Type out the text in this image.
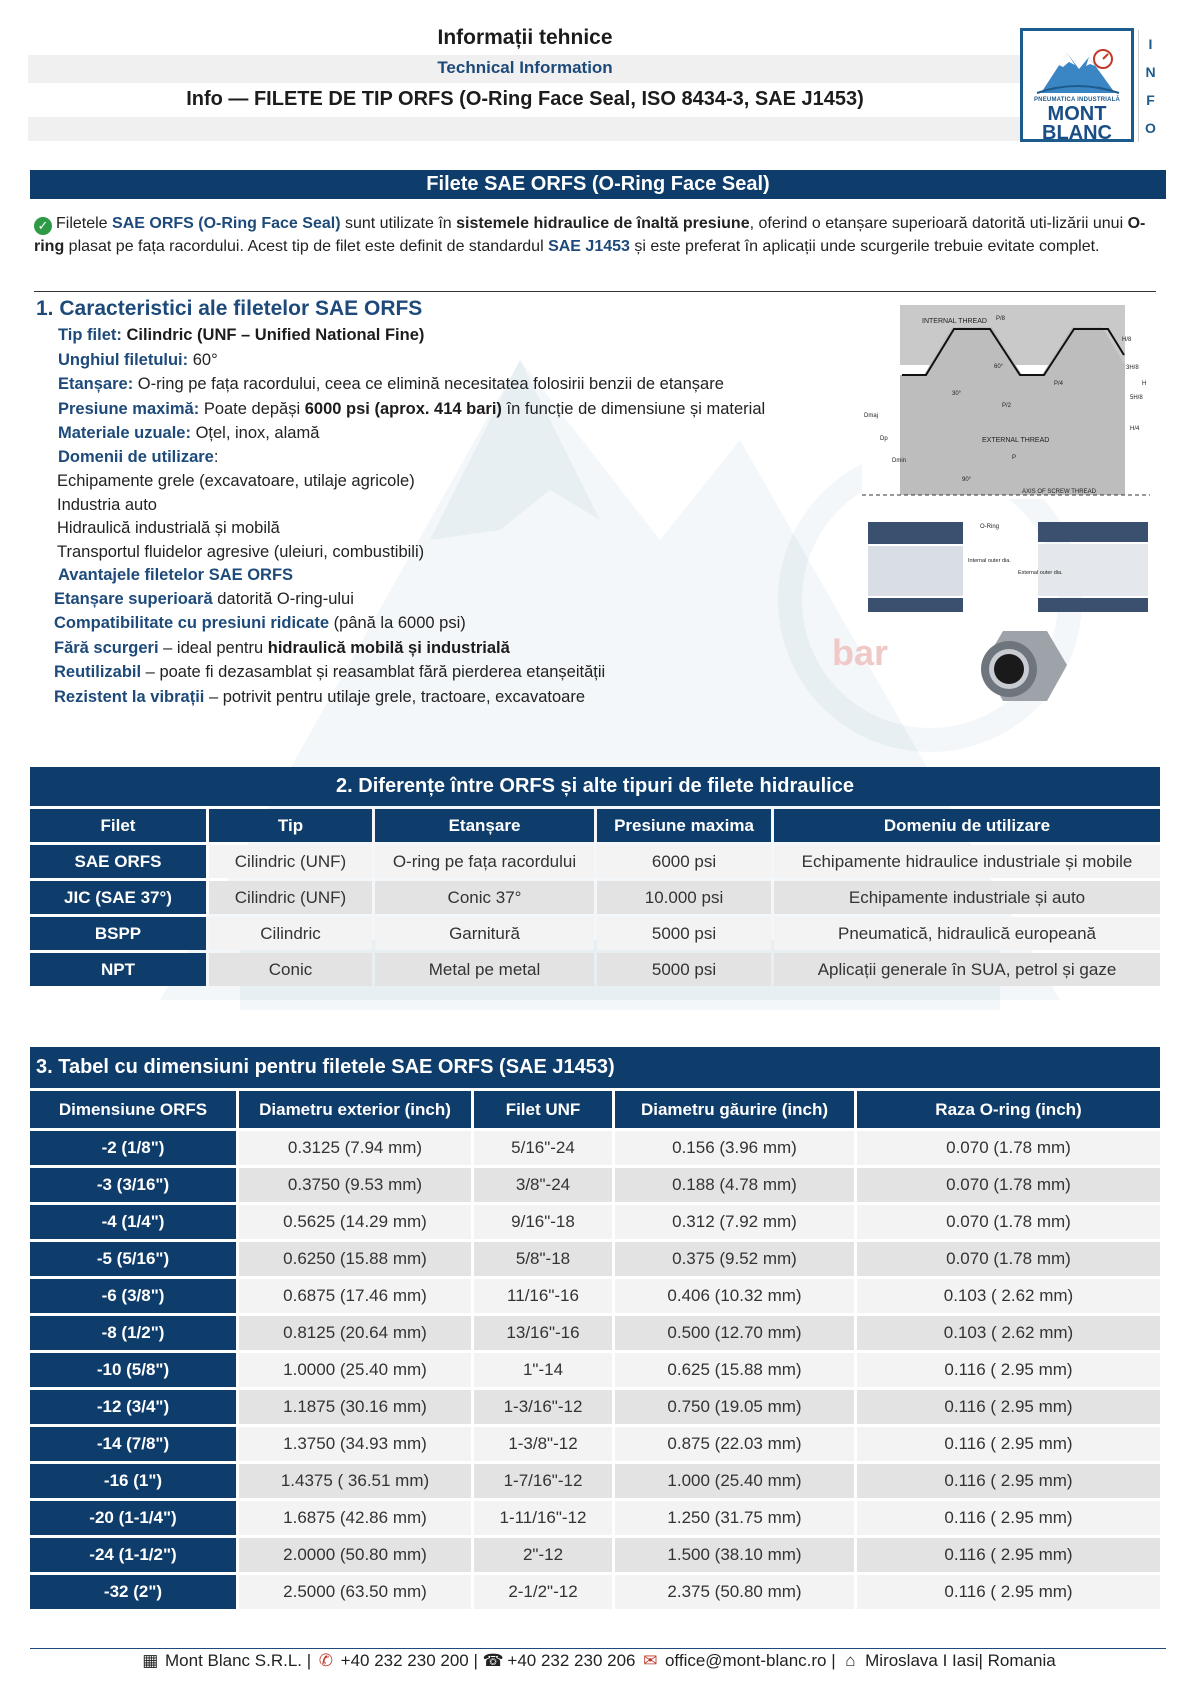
bar
Informații tehnice
Technical Information
Info — FILETE DE TIP ORFS (O-Ring Face Seal, ISO 8434-3, SAE J1453)	PNEUMATICA INDUSTRIALĂ
MONT
BLANC
I
N
F
O
Filete SAE ORFS (O-Ring Face Seal)
✓ Filetele SAE ORFS (O-Ring Face Seal) sunt utilizate în sistemele hidraulice de înaltă presiune, oferind o etanșare superioară datorită uti-lizării unui O-ring plasat pe fața racordului. Acest tip de filet este definit de standardul SAE J1453 și este preferat în aplicații unde scurgerile trebuie evitate complet.
1. Caracteristici ale filetelor SAE ORFS
Tip filet: Cilindric (UNF – Unified National Fine)
Unghiul filetului: 60°
Etanșare: O-ring pe fața racordului, ceea ce elimină necesitatea folosirii benzii de etanșare
Presiune maximă: Poate depăși 6000 psi (aprox. 414 bari) în funcție de dimensiune și material
Materiale uzuale: Oțel, inox, alamă
Domenii de utilizare:
Echipamente grele (excavatoare, utilaje agricole)
Industria auto
Hidraulică industrială și mobilă
Transportul fluidelor agresive (uleiuri, combustibili)
Avantajele filetelor SAE ORFS
Etanșare superioară datorită O-ring-ului
Compatibilitate cu presiuni ridicate (până la 6000 psi)
Fără scurgeri – ideal pentru hidraulică mobilă și industrială
Reutilizabil – poate fi dezasamblat și reasamblat fără pierderea etanșeității
Rezistent la vibrații – potrivit pentru utilaje grele, tractoare, excavatoare
INTERNAL THREAD
EXTERNAL THREAD
AXIS OF SCREW THREAD
P/8
60°
P/4
P/2
30°
P
90°
Dmaj
Dp
Dmin
H/8
3H/8
5H/8
H/4
H
O-Ring
Internal outer dia.
External outer dia.
2. Diferențe între ORFS și alte tipuri de filete hidraulice
Filet	Tip	Etanșare	Presiune maxima	Domeniu de utilizare
SAE ORFS	Cilindric (UNF)	O-ring pe fața racordului	6000 psi	Echipamente hidraulice industriale și mobile
JIC (SAE 37°)	Cilindric (UNF)	Conic 37°	10.000 psi	Echipamente industriale și auto
BSPP	Cilindric	Garnitură	5000 psi	Pneumatică, hidraulică europeană
NPT	Conic	Metal pe metal	5000 psi	Aplicații generale în SUA, petrol și gaze
3. Tabel cu dimensiuni pentru filetele SAE ORFS (SAE J1453)
Dimensiune ORFS	Diametru exterior (inch)	Filet UNF	Diametru găurire (inch)	Raza O-ring (inch)
-2 (1/8")	0.3125 (7.94 mm)	5/16"-24	0.156 (3.96 mm)	0.070 (1.78 mm)
-3 (3/16")	0.3750 (9.53 mm)	3/8"-24	0.188 (4.78 mm)	0.070 (1.78 mm)
-4 (1/4")	0.5625 (14.29 mm)	9/16"-18	0.312 (7.92 mm)	0.070 (1.78 mm)
-5 (5/16")	0.6250 (15.88 mm)	5/8"-18	0.375 (9.52 mm)	0.070 (1.78 mm)
-6 (3/8")	0.6875 (17.46 mm)	11/16"-16	0.406 (10.32 mm)	0.103 ( 2.62 mm)
-8 (1/2")	0.8125 (20.64 mm)	13/16"-16	0.500 (12.70 mm)	0.103 ( 2.62 mm)
-10 (5/8")	1.0000 (25.40 mm)	1"-14	0.625 (15.88 mm)	0.116 ( 2.95 mm)
-12 (3/4")	1.1875 (30.16 mm)	1-3/16"-12	0.750 (19.05 mm)	0.116 ( 2.95 mm)
-14 (7/8")	1.3750 (34.93 mm)	1-3/8"-12	0.875 (22.03 mm)	0.116 ( 2.95 mm)
-16 (1")	1.4375 ( 36.51 mm)	1-7/16"-12	1.000 (25.40 mm)	0.116 ( 2.95 mm)
-20 (1-1/4")	1.6875 (42.86 mm)	1-11/16"-12	1.250 (31.75 mm)	0.116 ( 2.95 mm)
-24 (1-1/2")	2.0000 (50.80 mm)	2"-12	1.500 (38.10 mm)	0.116 ( 2.95 mm)
-32 (2")	2.5000 (63.50 mm)	2-1/2"-12	2.375 (50.80 mm)	0.116 ( 2.95 mm)
▦ Mont Blanc S.R.L. | ✆ +40 232 230 200 | ☎ +40 232 230 206 ✉ office@mont-blanc.ro | ⌂ Miroslava I Iasi| Romania
